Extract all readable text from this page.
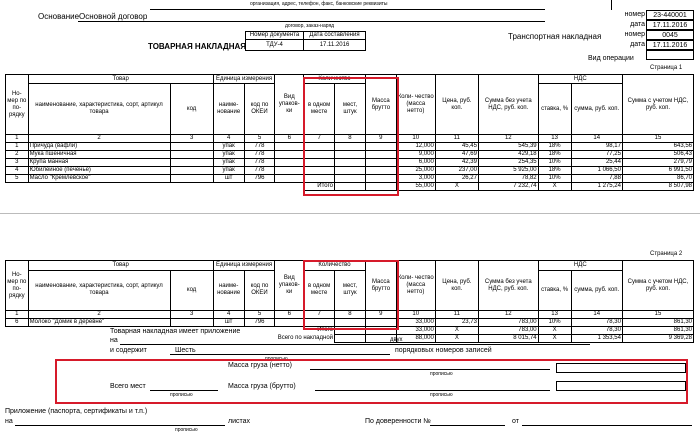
организация, адрес, телефон, факс, банковские реквизиты
Основание Основной договор
договор, заказ-наряд
ТОВАРНАЯ НАКЛАДНАЯ
Номер документа	Дата составления
ТДУ-4	17.11.2016
Транспортная накладная
Вид операции
номер	23-440001
дата	17.11.2016
номер	0045
дата	17.11.2016
Страница 1
Но- мер по по- рядку	Товар		Единица измерения		Вид упаков- ки	Количество		Масса брутто	Коли- чество (масса нетто)	Цена, руб. коп.	Сумма без учета НДС, руб. коп.	НДС		Сумма с учетом НДС, руб. коп.
	наименование, характеристика, сорт, артикул товара	код	наиме- нование	код по ОКЕИ		в одном месте	мест, штук					ставка, %	сумма, руб. коп.	
1	2	3	4	5	6	7	8	9	10	11	12	13	14	15
1	Причуда (вафли)		упак	778					12,000	45,45	545,39	18%	98,17	643,56
2	Мука пшеничная		упак	778					9,000	47,69	429,18	18%	77,25	506,43
3	Крупа манная		упак	778					6,000	42,39	254,35	10%	25,44	279,79
4	Юбилейное (печенье)		упак	778					25,000	237,00	5 925,00	18%	1 066,50	6 991,50
5	Масло "Кремлевское"		шт	796					3,000	26,27	78,82	10%	7,88	86,70
						Итого			55,000	X	7 232,74	X	1 275,24	8 507,98
Страница 2
Но- мер по по- рядку	Товар		Единица измерения		Вид упаков- ки	Количество		Масса брутто	Коли- чество (масса нетто)	Цена, руб. коп.	Сумма без учета НДС, руб. коп.	НДС		Сумма с учетом НДС, руб. коп.
	наименование, характеристика, сорт, артикул товара	код	наиме- нование	код по ОКЕИ		в одном месте	мест, штук					ставка, %	сумма, руб. коп.	
1	2	3	4	5	6	7	8	9	10	11	12	13	14	15
6	Молоко "Домик в деревне"		шт	796					33,000	23,73	783,00	10%	78,30	861,30
						Итого			33,000	X	783,00	X	78,30	861,30
					Всего по накладной				88,000	X	8 015,74	X	1 353,54	9 369,28
Товарная накладная имеет приложение
на	двух
и содержит	Шесть	порядковых номеров записей
прописью
Масса груза (нетто)
прописью
Всего мест
прописью
Масса груза (брутто)
прописью
Приложение (паспорта, сертификаты и т.п.)
на	листах
прописью
По доверенности №	от
